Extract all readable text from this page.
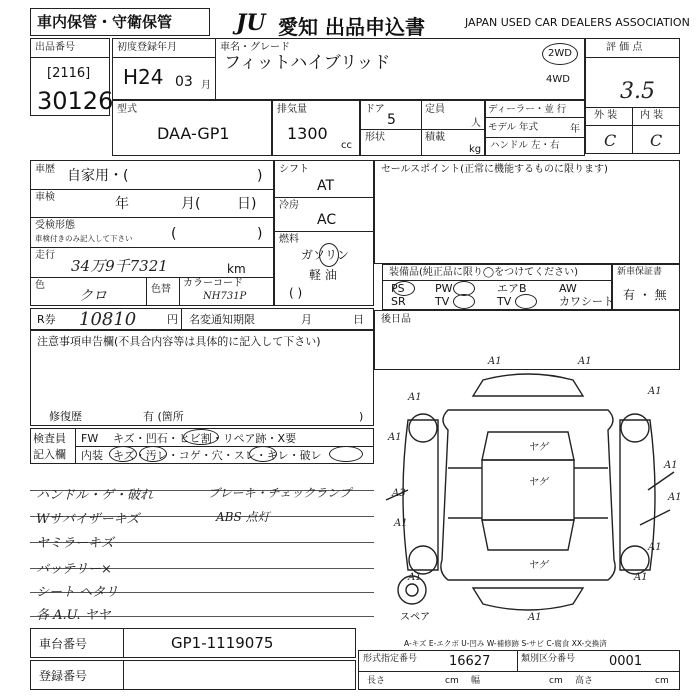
車内保管・守衛保管	JU 愛知 出品申込書	JAPAN USED CAR DEALERS ASSOCIATION
出品番号
[2116]
30126
初度登録年月
H24 03 月
車名・グレード
フィットハイブリッド	2WD
4WD
評 価 点
3.5
外 装 内 装
C C
型式
DAA-GP1
排気量
1300
cc
ドア
5
定員
人
形状	積載
kg
ディーラー・並 行
モデル 年式	年
ハンドル 左・右
車歴 自家用・(	)
車検	年	月(	日)
受検形態
車検付きのみ記入して下さい	(	)
走行
34万9千7321	km
色
クロ	色替
カラーコード
NH731P
シフト
AT
冷房
AC
燃料
ガソリン
軽 油
( )
セールスポイント(正常に機能するものに限ります)
装備品(純正品に限り◯をつけてください)
PS	PW	エアB	AW
SR	TV	TV	カワシート
新車保証書
有 ・ 無
R券 10810	円 名変通知期限	月	日 後日品
注意事項申告欄(不具合内容等は具体的に記入して下さい)
修復歴	有 (箇所	)
検査員
記入欄
FW キズ・凹石・ヒビ割・リペア跡・X要
内装 キズ・汚レ・コゲ・穴・スレ・キレ・破レ
ハンドル・ゲ・破れ
Wサバイザーキズ
ヤミラーキズ
バッテリー×
シート ヘタリ
各 A.U. ヤヤ
ブレーキ・チェックランプ
ABS 点灯
A1	A1
A1
A1
A1
A1
A3	A1
A1
A1
A1	A1
A1
ヤゲ
ヤゲ
ヤゲ
スペア
A-キズ E-エクボ U-凹み W-補修跡 S-サビ C-腐食 XX-交換済
車台番号	GP1-1119075
登録番号
形式指定番号 16627	類別区分番号	0001
長さ	cm 幅	cm 高さ	cm
